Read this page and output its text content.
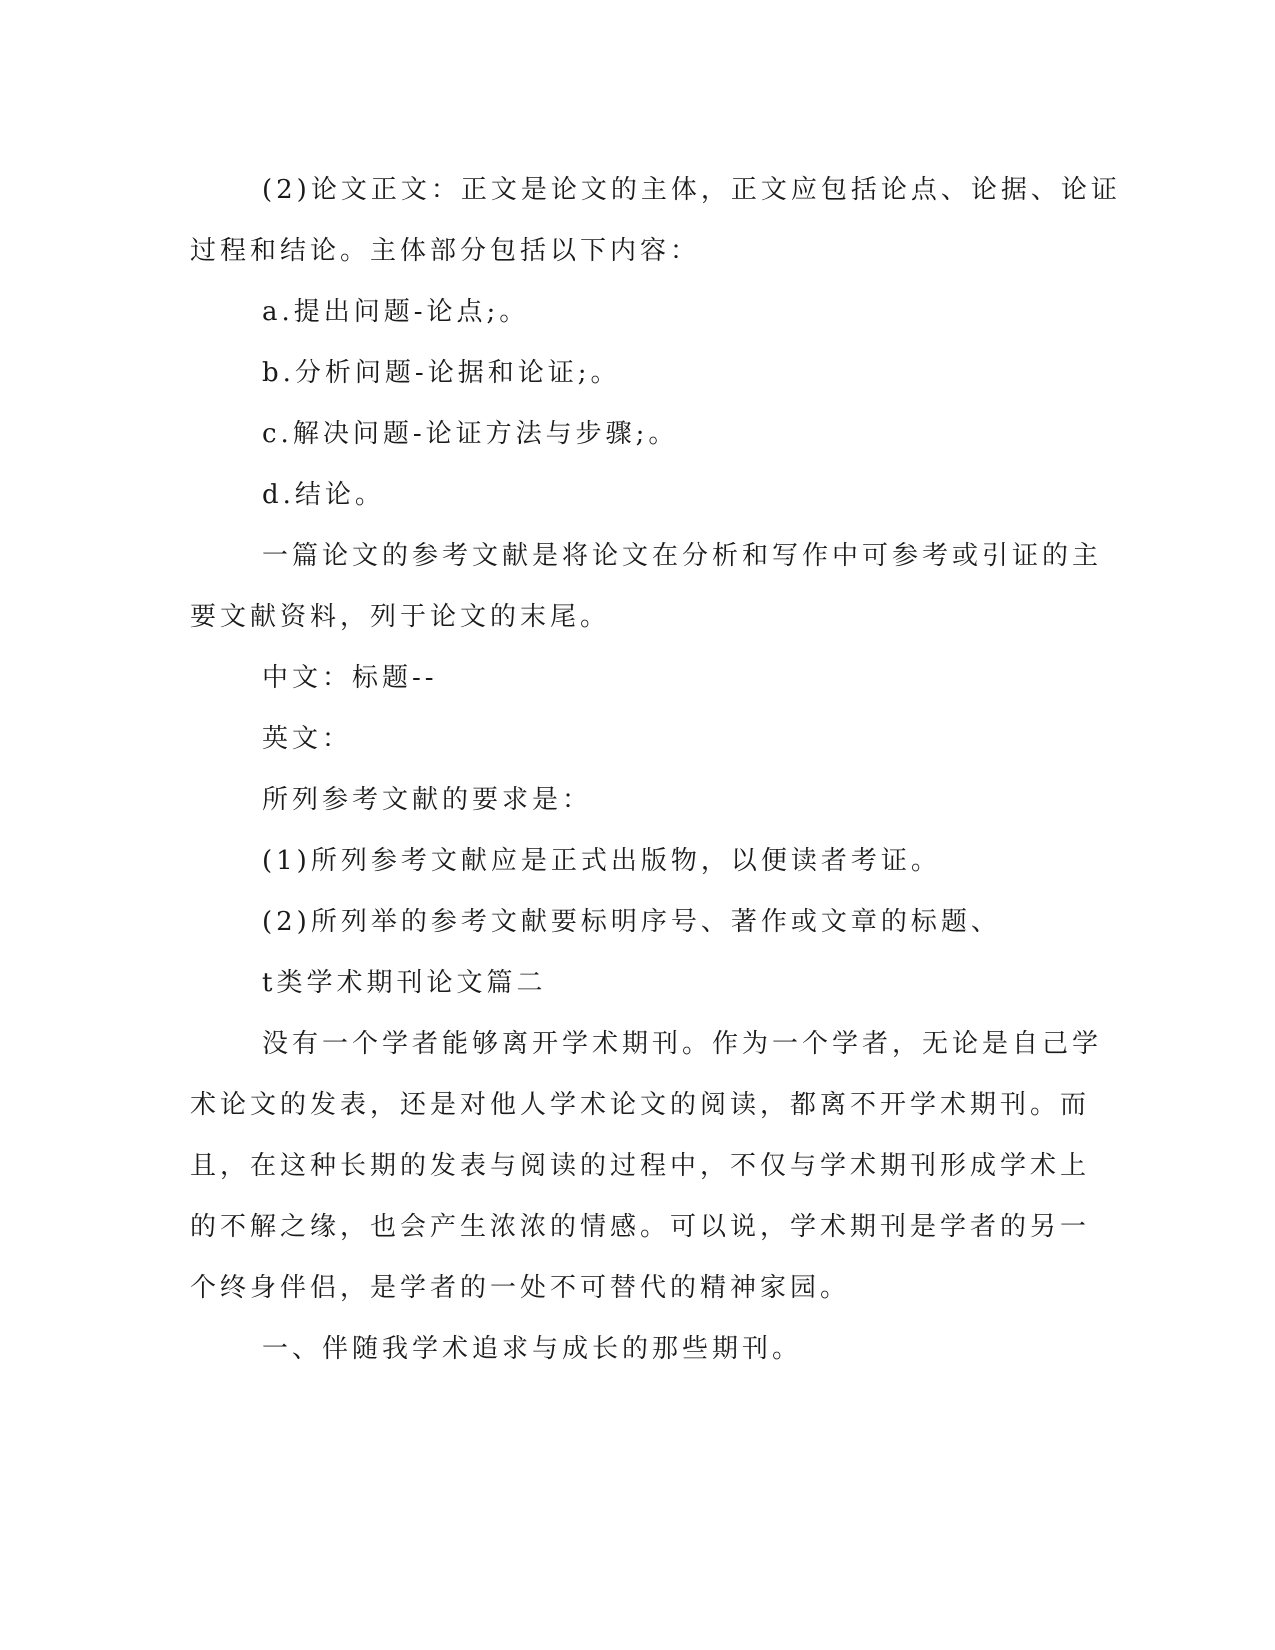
(2)论文正文：正文是论文的主体，正文应包括论点、论据、论证
过程和结论。主体部分包括以下内容：
a.提出问题-论点;。
b.分析问题-论据和论证;。
c.解决问题-论证方法与步骤;。
d.结论。
一篇论文的参考文献是将论文在分析和写作中可参考或引证的主
要文献资料，列于论文的末尾。
中文：标题--
英文：
所列参考文献的要求是：
(1)所列参考文献应是正式出版物，以便读者考证。
(2)所列举的参考文献要标明序号、著作或文章的标题、
t类学术期刊论文篇二
没有一个学者能够离开学术期刊。作为一个学者，无论是自己学
术论文的发表，还是对他人学术论文的阅读，都离不开学术期刊。而
且，在这种长期的发表与阅读的过程中，不仅与学术期刊形成学术上
的不解之缘，也会产生浓浓的情感。可以说，学术期刊是学者的另一
个终身伴侣，是学者的一处不可替代的精神家园。
一、伴随我学术追求与成长的那些期刊。
